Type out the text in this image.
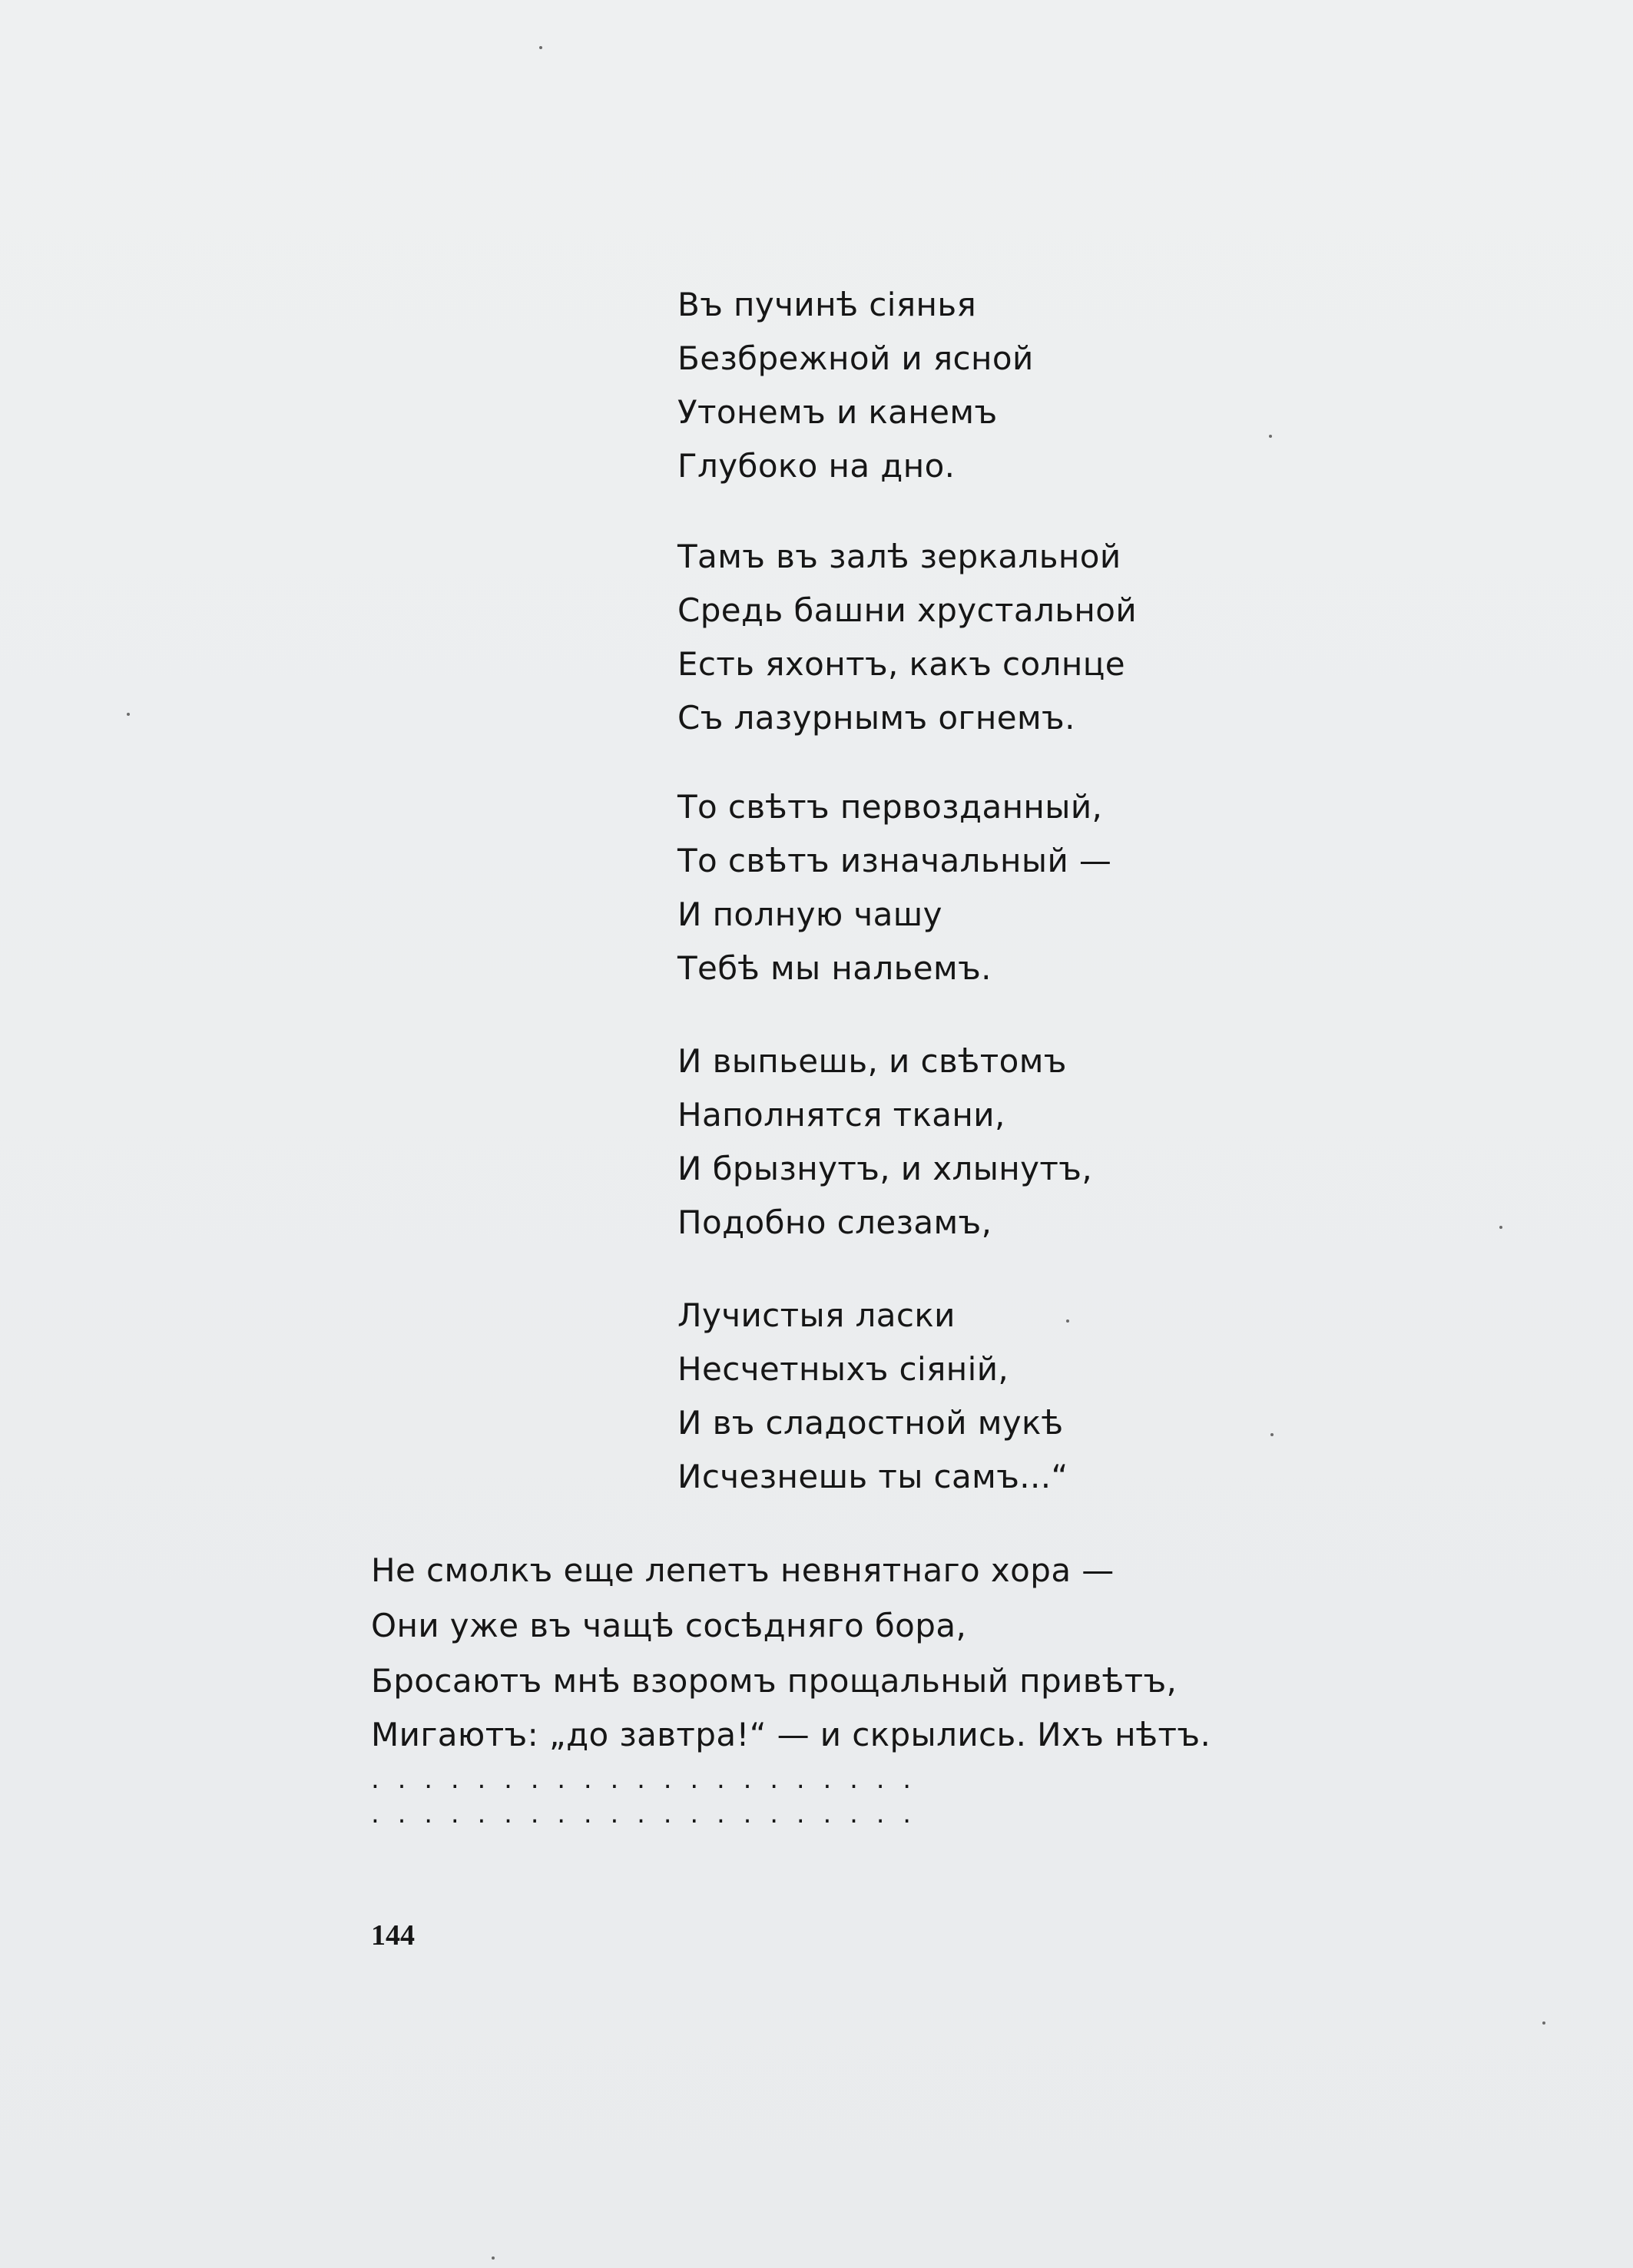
Въ пучинѣ сіянья
Безбрежной и ясной
Утонемъ и канемъ
Глубоко на дно.
Тамъ въ залѣ зеркальной
Средь башни хрустальной
Есть яхонтъ, какъ солнце
Съ лазурнымъ огнемъ.
То свѣтъ первозданный,
То свѣтъ изначальный —
И полную чашу
Тебѣ мы нальемъ.
И выпьешь, и свѣтомъ
Наполнятся ткани,
И брызнутъ, и хлынутъ,
Подобно слезамъ,
Лучистыя ласки
Несчетныхъ сіяній,
И въ сладостной мукѣ
Исчезнешь ты самъ...“
Не смолкъ еще лепетъ невнятнаго хора —
Они уже въ чащѣ сосѣдняго бора,
Бросаютъ мнѣ взоромъ прощальный привѣтъ,
Мигаютъ: „до завтра!“ — и скрылись. Ихъ нѣтъ.
. . . . . . . . . . . . . . . . . . . . .
. . . . . . . . . . . . . . . . . . . . .
144
